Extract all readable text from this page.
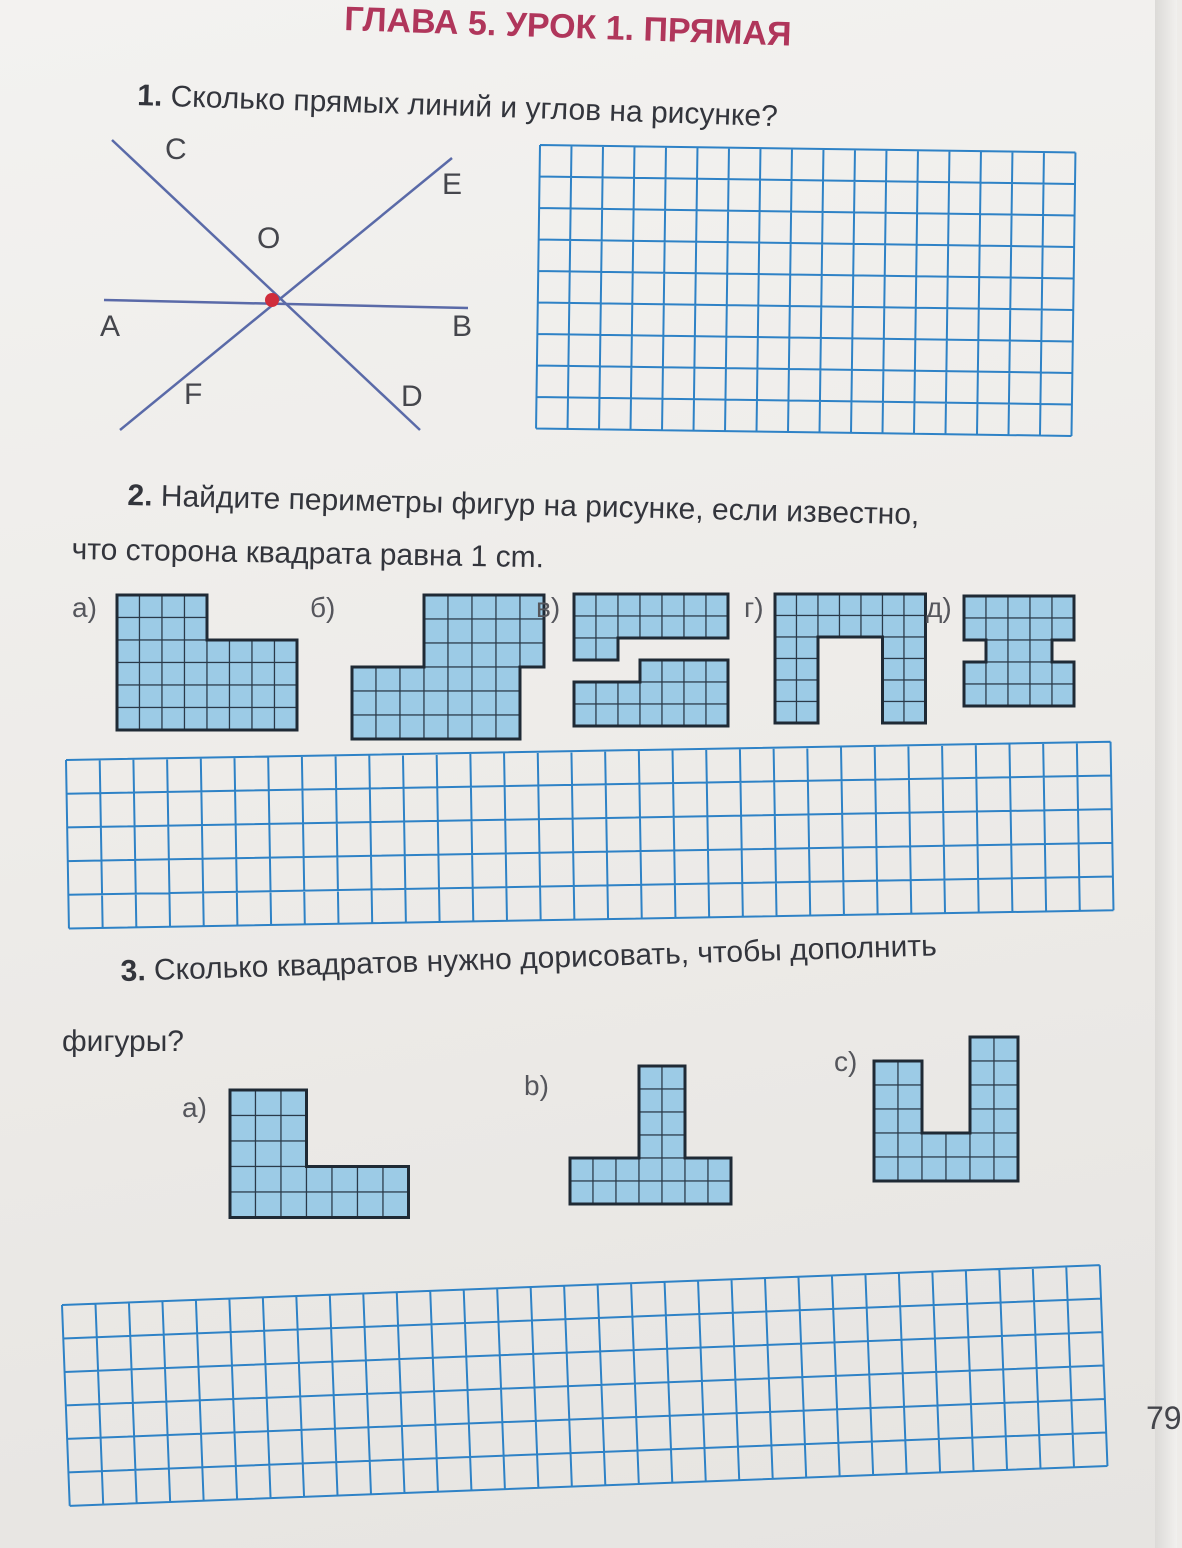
ГЛАВА 5. УРОК 1. ПРЯМАЯ
1. Сколько прямых линий и углов на рисунке?
C
E
O
A	B
F	D
2. Найдите периметры фигур на рисунке, если известно,
что сторона квадрата равна 1 cm.
а)	б)	в)	г)	д)
3. Сколько квадратов нужно дорисовать, чтобы дополнить
фигуры?
а)
b)
c)
79
